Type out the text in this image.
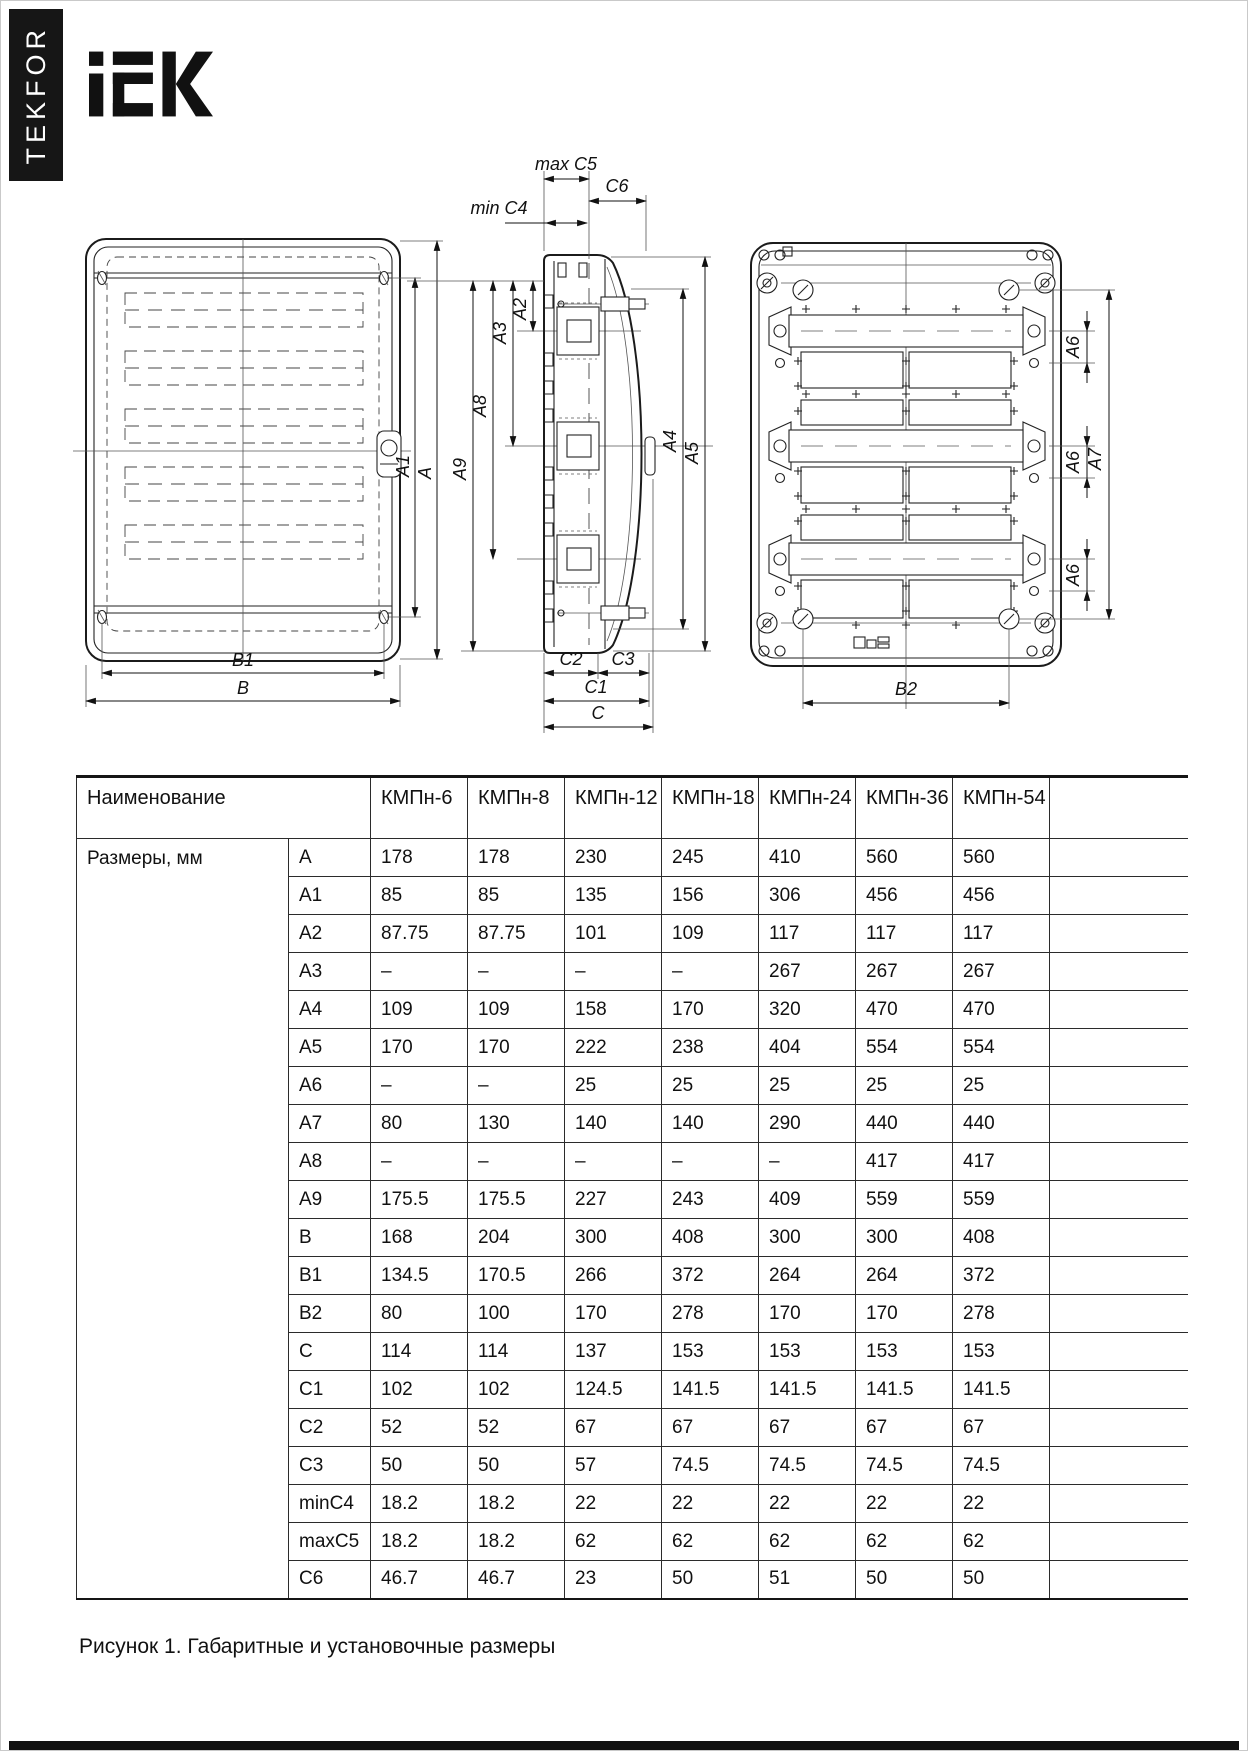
TEKFOR
B1
B
A1 A
max C5
C6
min C4
A2
A3
A8
A9
A4
A5
C2 C3
C1
C
B2
A7
A6
A6
A6
Наименование		КМПн-6	КМПн-8	КМПн-12	КМПн-18	КМПн-24	КМПн-36	КМПн-54	
Размеры, мм	A	178	178	230	245	410	560	560	
	A1	85	85	135	156	306	456	456	
	A2	87.75	87.75	101	109	117	117	117	
	A3	–	–	–	–	267	267	267	
	A4	109	109	158	170	320	470	470	
	A5	170	170	222	238	404	554	554	
	A6	–	–	25	25	25	25	25	
	A7	80	130	140	140	290	440	440	
	A8	–	–	–	–	–	417	417	
	A9	175.5	175.5	227	243	409	559	559	
	B	168	204	300	408	300	300	408	
	B1	134.5	170.5	266	372	264	264	372	
	B2	80	100	170	278	170	170	278	
	C	114	114	137	153	153	153	153	
	C1	102	102	124.5	141.5	141.5	141.5	141.5	
	C2	52	52	67	67	67	67	67	
	C3	50	50	57	74.5	74.5	74.5	74.5	
	minC4	18.2	18.2	22	22	22	22	22	
	maxC5	18.2	18.2	62	62	62	62	62	
	C6	46.7	46.7	23	50	51	50	50	
Рисунок 1. Габаритные и установочные размеры
